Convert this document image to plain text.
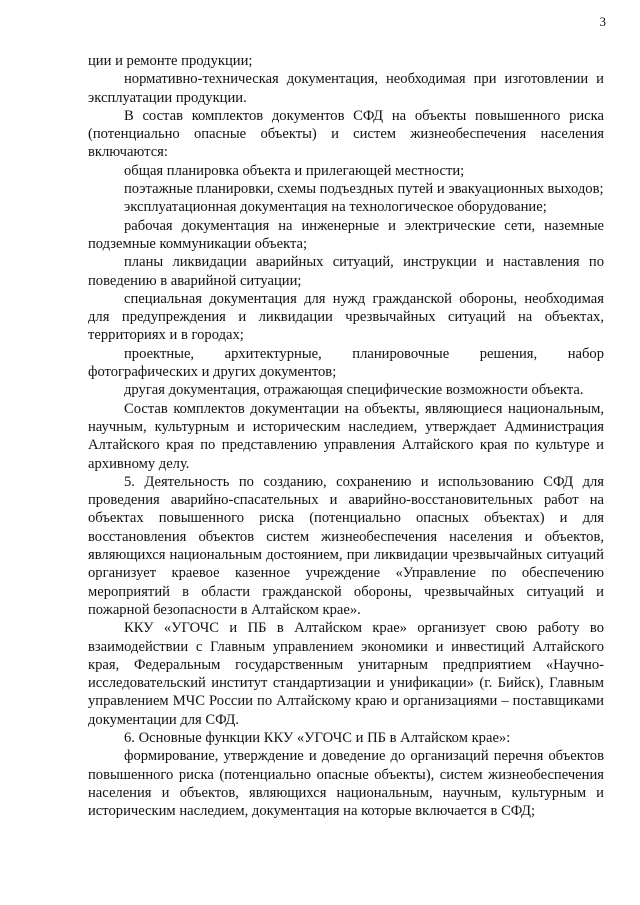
3

ции и ремонте продукции;

нормативно-техническая документация, необходимая при изготовлении и эксплуатации продукции.

В состав комплектов документов СФД на объекты повышенного риска (потенциально опасные объекты) и систем жизнеобеспечения населения включаются:

общая планировка объекта и прилегающей местности;

поэтажные планировки, схемы подъездных путей и эвакуационных выходов;

эксплуатационная документация на технологическое оборудование;

рабочая документация на инженерные и электрические сети, наземные подземные коммуникации объекта;

планы ликвидации аварийных ситуаций, инструкции и наставления по поведению в аварийной ситуации;

специальная документация для нужд гражданской обороны, необходимая для предупреждения и ликвидации чрезвычайных ситуаций на объектах, территориях и в городах;

проектные, архитектурные, планировочные решения, набор фотографических и других документов;

другая документация, отражающая специфические возможности объекта.

Состав комплектов документации на объекты, являющиеся национальным, научным, культурным и историческим наследием, утверждает Администрация Алтайского края по представлению управления Алтайского края по культуре и архивному делу.

5. Деятельность по созданию, сохранению и использованию СФД для проведения аварийно-спасательных и аварийно-восстановительных работ на объектах повышенного риска (потенциально опасных объектах) и для восстановления объектов систем жизнеобеспечения населения и объектов, являющихся национальным достоянием, при ликвидации чрезвычайных ситуаций организует краевое казенное учреждение «Управление по обеспечению мероприятий в области гражданской обороны, чрезвычайных ситуаций и пожарной безопасности в Алтайском крае».

ККУ «УГОЧС и ПБ в Алтайском крае» организует свою работу во взаимодействии с Главным управлением экономики и инвестиций Алтайского края, Федеральным государственным унитарным предприятием «Научно-исследовательский институт стандартизации и унификации» (г. Бийск), Главным управлением МЧС России по Алтайскому краю и организациями – поставщиками документации для СФД.

6. Основные функции ККУ «УГОЧС и ПБ в Алтайском крае»:

формирование, утверждение и доведение до организаций перечня объектов повышенного риска (потенциально опасные объекты), систем жизнеобеспечения населения и объектов, являющихся национальным, научным, культурным и историческим наследием, документация на которые включается в СФД;
